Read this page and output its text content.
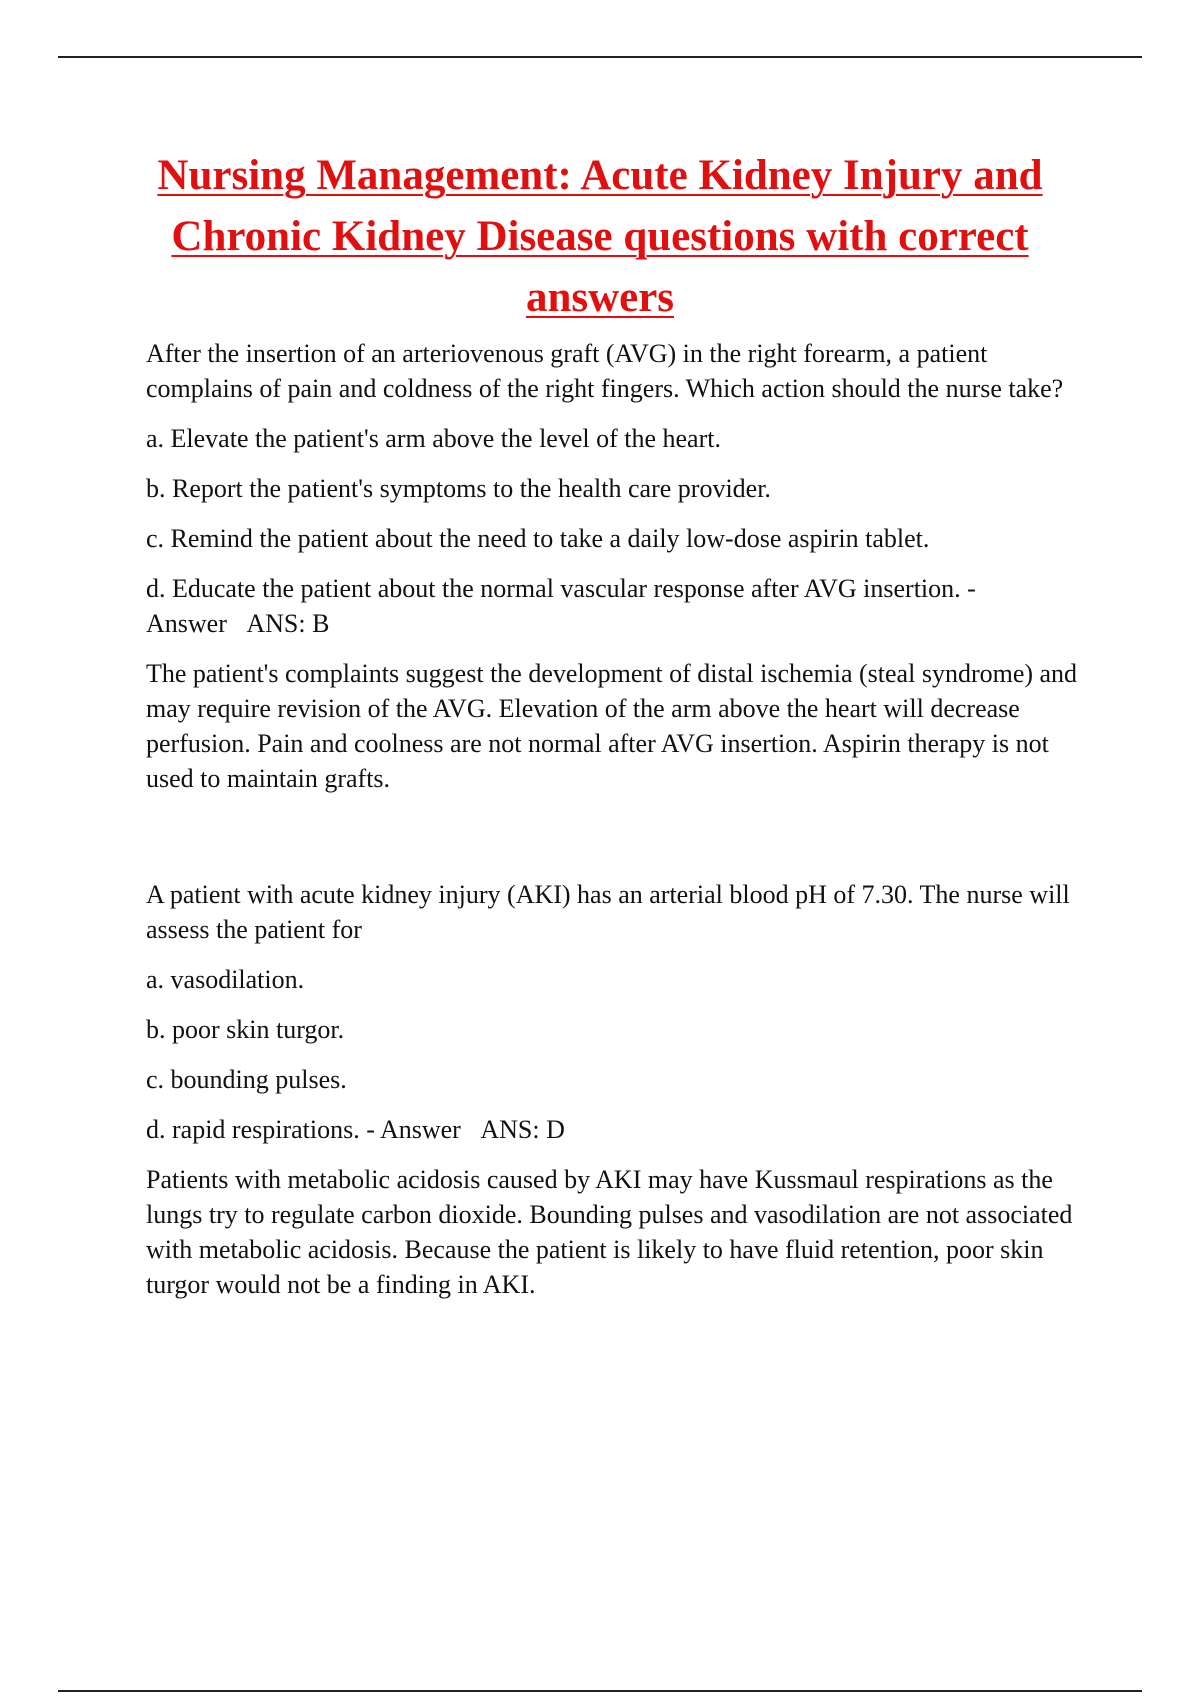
Nursing Management: Acute Kidney Injury and Chronic Kidney Disease questions with correct answers

After the insertion of an arteriovenous graft (AVG) in the right forearm, a patient complains of pain and coldness of the right fingers. Which action should the nurse take?

a. Elevate the patient's arm above the level of the heart.

b. Report the patient's symptoms to the health care provider.

c. Remind the patient about the need to take a daily low-dose aspirin tablet.

d. Educate the patient about the normal vascular response after AVG insertion. - Answer ANS: B

The patient's complaints suggest the development of distal ischemia (steal syndrome) and may require revision of the AVG. Elevation of the arm above the heart will decrease perfusion. Pain and coolness are not normal after AVG insertion. Aspirin therapy is not used to maintain grafts.

A patient with acute kidney injury (AKI) has an arterial blood pH of 7.30. The nurse will assess the patient for

a. vasodilation.

b. poor skin turgor.

c. bounding pulses.

d. rapid respirations. - Answer ANS: D

Patients with metabolic acidosis caused by AKI may have Kussmaul respirations as the lungs try to regulate carbon dioxide. Bounding pulses and vasodilation are not associated with metabolic acidosis. Because the patient is likely to have fluid retention, poor skin turgor would not be a finding in AKI.
